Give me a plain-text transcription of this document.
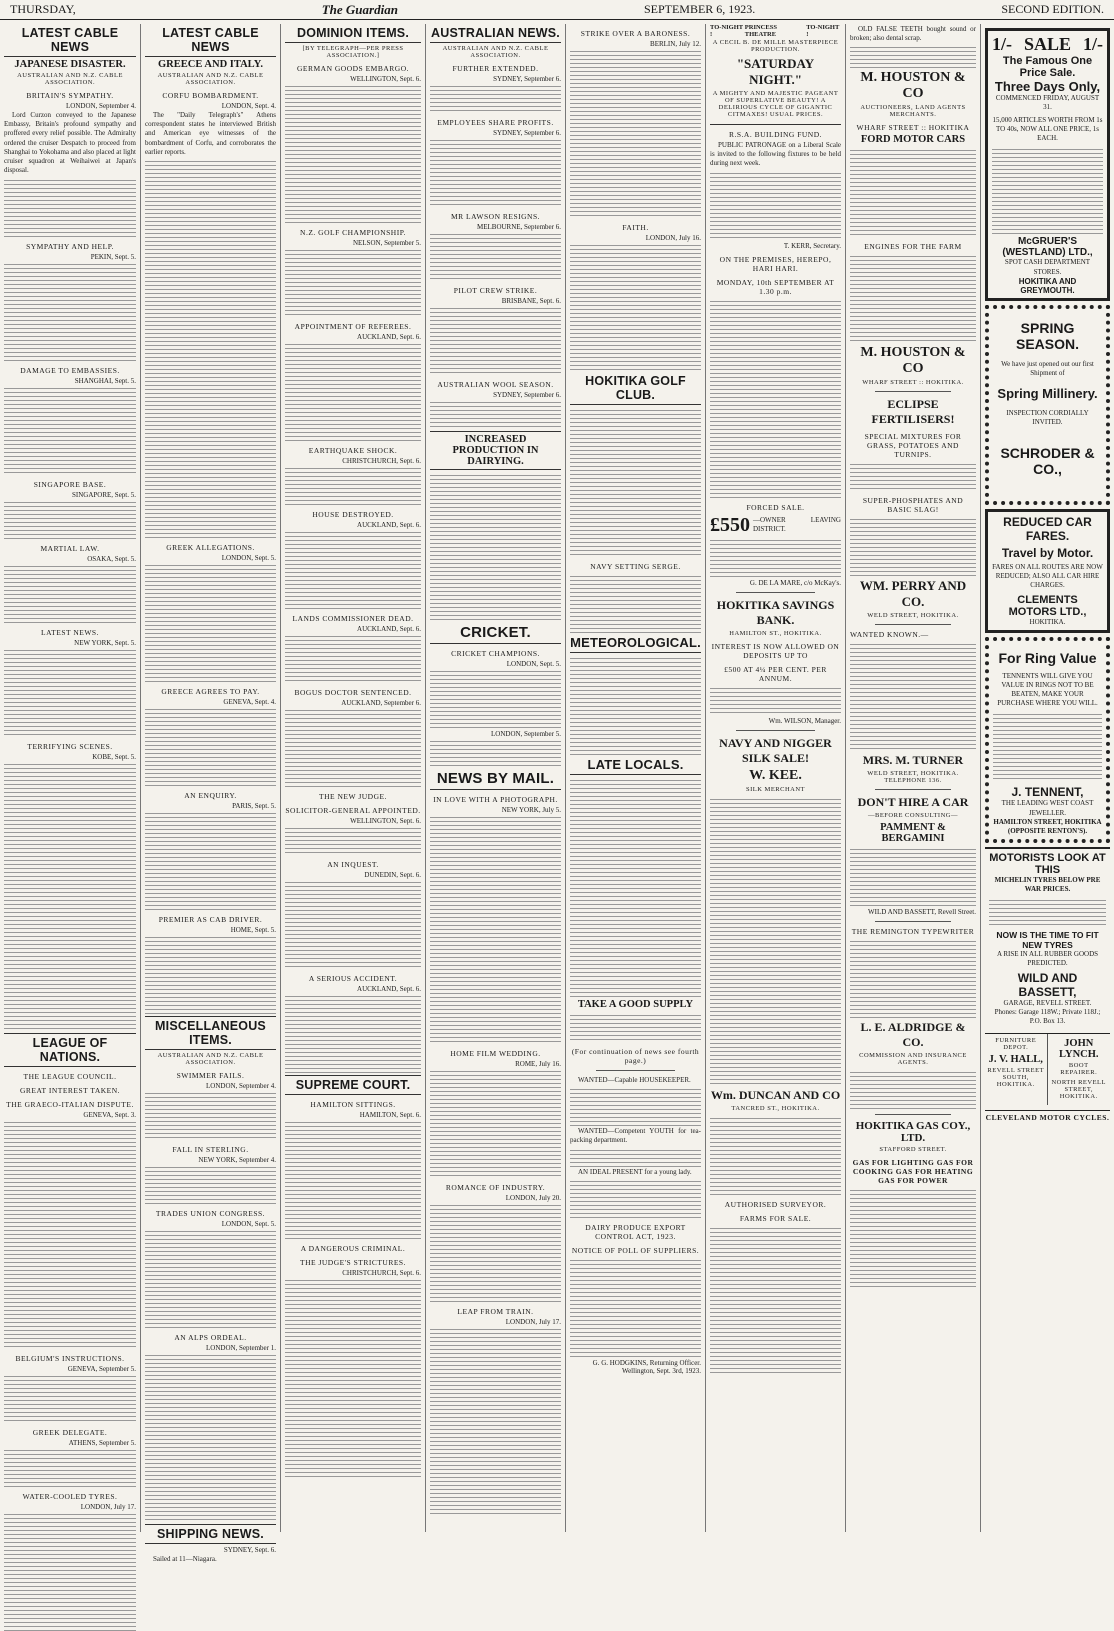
THURSDAY,	The Guardian	SEPTEMBER 6, 1923.	SECOND EDITION.
LATEST CABLE NEWS
JAPANESE DISASTER.
AUSTRALIAN AND N.Z. CABLE ASSOCIATION.
BRITAIN'S SYMPATHY.
LONDON, September 4.

Lord Curzon conveyed to the Japanese Embassy, Britain's profound sympathy and proffered every relief possible. The Admiralty ordered the cruiser Despatch to proceed from Shanghai to Yokohama and also placed at light cruiser squadron at Weihaiwei at Japan's disposal.

SYMPATHY AND HELP.
PEKIN, Sept. 5.
DAMAGE TO EMBASSIES.
SHANGHAI, Sept. 5.
SINGAPORE BASE.
SINGAPORE, Sept. 5.
MARTIAL LAW.
OSAKA, Sept. 5.
LATEST NEWS.
NEW YORK, Sept. 5.
TERRIFYING SCENES.
KOBE, Sept. 5.
LEAGUE OF NATIONS.
THE LEAGUE COUNCIL.
GREAT INTEREST TAKEN.
THE GRAECO-ITALIAN DISPUTE.
GENEVA, Sept. 3.
BELGIUM'S INSTRUCTIONS.
GENEVA, September 5.
GREEK DELEGATE.
ATHENS, September 5.
WATER-COOLED TYRES.
LONDON, July 17.
LATEST CABLE NEWS
GREECE AND ITALY.
AUSTRALIAN AND N.Z. CABLE ASSOCIATION.
CORFU BOMBARDMENT.
LONDON, Sept. 4.

The "Daily Telegraph's" Athens correspondent states he interviewed British and American eye witnesses of the bombardment of Corfu, and corroborates the earlier reports.

GREEK ALLEGATIONS.
LONDON, Sept. 5.
GREECE AGREES TO PAY.
GENEVA, Sept. 4.
AN ENQUIRY.
PARIS, Sept. 5.
PREMIER AS CAB DRIVER.
HOME, Sept. 5.
MISCELLANEOUS ITEMS.
AUSTRALIAN AND N.Z. CABLE ASSOCIATION.
SWIMMER FAILS.
LONDON, September 4.
FALL IN STERLING.
NEW YORK, September 4.
TRADES UNION CONGRESS.
LONDON, Sept. 5.
AN ALPS ORDEAL.
LONDON, September 1.
SHIPPING NEWS.
SYDNEY, Sept. 6.

Sailed at 11—Niagara.

DOMINION ITEMS.
[BY TELEGRAPH—PER PRESS ASSOCIATION.]
GERMAN GOODS EMBARGO.
WELLINGTON, Sept. 6.
N.Z. GOLF CHAMPIONSHIP.
NELSON, September 5.
APPOINTMENT OF REFEREES.
AUCKLAND, Sept. 6.
EARTHQUAKE SHOCK.
CHRISTCHURCH, Sept. 6.
HOUSE DESTROYED.
AUCKLAND, Sept. 6.
LANDS COMMISSIONER DEAD.
AUCKLAND, Sept. 6.
BOGUS DOCTOR SENTENCED.
AUCKLAND, September 6.
THE NEW JUDGE.
SOLICITOR-GENERAL APPOINTED.
WELLINGTON, Sept. 6.
AN INQUEST.
DUNEDIN, Sept. 6.
A SERIOUS ACCIDENT.
AUCKLAND, Sept. 6.
SUPREME COURT.
HAMILTON SITTINGS.
HAMILTON, Sept. 6.
A DANGEROUS CRIMINAL.
THE JUDGE'S STRICTURES.
CHRISTCHURCH, Sept. 6.
AUSTRALIAN NEWS.
AUSTRALIAN AND N.Z. CABLE ASSOCIATION.
FURTHER EXTENDED.
SYDNEY, September 6.
EMPLOYEES SHARE PROFITS.
SYDNEY, September 6.
MR LAWSON RESIGNS.
MELBOURNE, September 6.
PILOT CREW STRIKE.
BRISBANE, Sept. 6.
AUSTRALIAN WOOL SEASON.
SYDNEY, September 6.
INCREASED PRODUCTION IN DAIRYING.
CRICKET.
CRICKET CHAMPIONS.
LONDON, Sept. 5.
LONDON, September 5.
NEWS BY MAIL.
IN LOVE WITH A PHOTOGRAPH.
NEW YORK, July 5.
HOME FILM WEDDING.
ROME, July 16.
ROMANCE OF INDUSTRY.
LONDON, July 20.
LEAP FROM TRAIN.
LONDON, July 17.
STRIKE OVER A BARONESS.
BERLIN, July 12.
FAITH.
LONDON, July 16.
HOKITIKA GOLF CLUB.
NAVY SETTING SERGE.
METEOROLOGICAL.
LATE LOCALS.
TAKE A GOOD SUPPLY
(For continuation of news see fourth page.)

WANTED—Capable HOUSEKEEPER.

WANTED—Competent YOUTH for tea-packing department.

AN IDEAL PRESENT for a young lady.

DAIRY PRODUCE EXPORT CONTROL ACT, 1923.
NOTICE OF POLL OF SUPPLIERS.
G. G. HODGKINS, Returning Officer. Wellington, Sept. 3rd, 1923.
TO-NIGHT !
PRINCESS THEATRE
TO-NIGHT !
A CECIL B. DE MILLE MASTERPIECE PRODUCTION.
"SATURDAY NIGHT."
A MIGHTY AND MAJESTIC PAGEANT OF SUPERLATIVE BEAUTY! A DELIRIOUS CYCLE OF GIGANTIC CITMAXES! USUAL PRICES.
R.S.A. BUILDING FUND.

PUBLIC PATRONAGE on a Liberal Scale is invited to the following fixtures to be held during next week.

T. KERR, Secretary.
ON THE PREMISES, HEREPO, HARI HARI.
MONDAY, 10th SEPTEMBER AT 1.30 p.m.
FORCED SALE.
£550 —OWNER LEAVING DISTRICT.
G. DE LA MARE, c/o McKay's.
HOKITIKA SAVINGS BANK.
HAMILTON ST., HOKITIKA.
INTEREST IS NOW ALLOWED ON DEPOSITS UP TO
£500 AT 4¼ PER CENT. PER ANNUM.
Wm. WILSON, Manager.
NAVY AND NIGGER SILK SALE!
W. KEE.
SILK MERCHANT
Wm. DUNCAN AND CO
TANCRED ST., HOKITIKA.
AUTHORISED SURVEYOR.
FARMS FOR SALE.

OLD FALSE TEETH bought sound or broken; also dental scrap.

M. HOUSTON & CO
AUCTIONEERS, LAND AGENTS MERCHANTS.
WHARF STREET :: HOKITIKA
FORD MOTOR CARS
ENGINES FOR THE FARM
M. HOUSTON & CO
WHARF STREET :: HOKITIKA.
ECLIPSE FERTILISERS!
SPECIAL MIXTURES FOR GRASS, POTATOES AND TURNIPS.
SUPER-PHOSPHATES AND BASIC SLAG!
WM. PERRY AND CO.
WELD STREET, HOKITIKA.
WANTED KNOWN.—
MRS. M. TURNER
WELD STREET, HOKITIKA. TELEPHONE 136.
DON'T HIRE A CAR
—BEFORE CONSULTING—
PAMMENT & BERGAMINI
WILD AND BASSETT, Revell Street.
THE REMINGTON TYPEWRITER
L. E. ALDRIDGE & CO.
COMMISSION AND INSURANCE AGENTS.
HOKITIKA GAS COY., LTD.
STAFFORD STREET.
GAS FOR LIGHTING GAS FOR COOKING GAS FOR HEATING GAS FOR POWER
1/- SALE 1/-
The Famous One Price Sale.
Three Days Only,
COMMENCED FRIDAY, AUGUST 31.
15,000 ARTICLES WORTH FROM 1s TO 40s, NOW ALL ONE PRICE, 1s EACH.
McGRUER'S (WESTLAND) LTD.,
SPOT CASH DEPARTMENT STORES.
HOKITIKA AND GREYMOUTH.
SPRING SEASON.
We have just opened out our first Shipment of
Spring Millinery.
INSPECTION CORDIALLY INVITED.
SCHRODER & CO.,
REDUCED CAR FARES.
Travel by Motor.
FARES ON ALL ROUTES ARE NOW REDUCED; ALSO ALL CAR HIRE CHARGES.
CLEMENTS MOTORS LTD.,
HOKITIKA.
For Ring Value
TENNENTS WILL GIVE YOU VALUE IN RINGS NOT TO BE BEATEN, MAKE YOUR PURCHASE WHERE YOU WILL.
J. TENNENT,
THE LEADING WEST COAST JEWELLER.
HAMILTON STREET, HOKITIKA (OPPOSITE RENTON'S).
MOTORISTS LOOK AT THIS
MICHELIN TYRES BELOW PRE WAR PRICES.
NOW IS THE TIME TO FIT NEW TYRES
A RISE IN ALL RUBBER GOODS PREDICTED.
WILD AND BASSETT,
GARAGE, REVELL STREET.
Phones: Garage 118W.; Private 118J.; P.O. Box 13.
FURNITURE DEPOT.
J. V. HALL,
REVELL STREET SOUTH, HOKITIKA.
JOHN LYNCH.
BOOT REPAIRER.
NORTH REVELL STREET, HOKITIKA.
CLEVELAND MOTOR CYCLES.
